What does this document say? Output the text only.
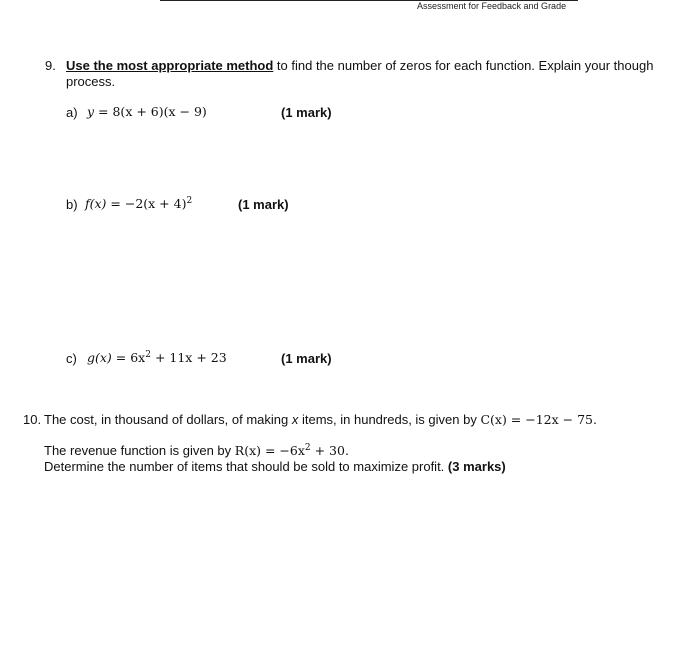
Assessment for Feedback and Grade
9. Use the most appropriate method to find the number of zeros for each function. Explain your though
process.
a) y = 8(x + 6)(x − 9)	(1 mark)
b) $f(x) = -2(x + 4)^2$	(1 mark)
c) $g(x) = 6x^2 + 11x + 23$	(1 mark)
10. The cost, in thousand of dollars, of making x items, in hundreds, is given by C(x) = −12x − 75.
The revenue function is given by $R(x) = -6x^2 + 30$.
Determine the number of items that should be sold to maximize profit. (3 marks)
